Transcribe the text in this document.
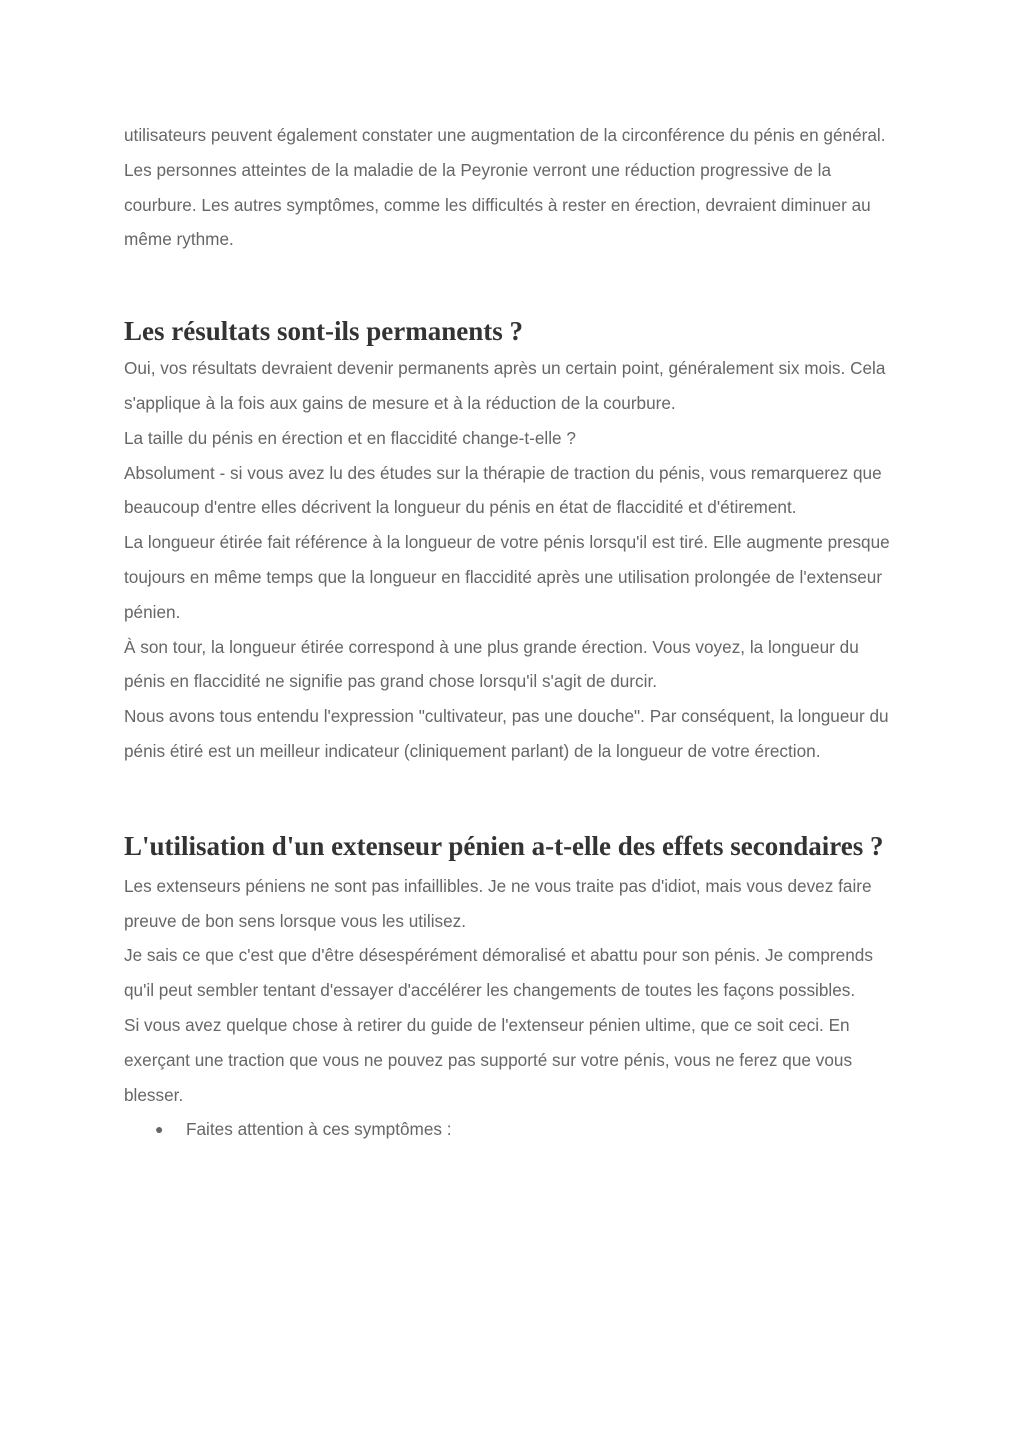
utilisateurs peuvent également constater une augmentation de la circonférence du pénis en général.

Les personnes atteintes de la maladie de la Peyronie verront une réduction progressive de la courbure. Les autres symptômes, comme les difficultés à rester en érection, devraient diminuer au même rythme.

Les résultats sont-ils permanents ?

Oui, vos résultats devraient devenir permanents après un certain point, généralement six mois. Cela s'applique à la fois aux gains de mesure et à la réduction de la courbure.

La taille du pénis en érection et en flaccidité change-t-elle ?

Absolument - si vous avez lu des études sur la thérapie de traction du pénis, vous remarquerez que beaucoup d'entre elles décrivent la longueur du pénis en état de flaccidité et d'étirement.

La longueur étirée fait référence à la longueur de votre pénis lorsqu'il est tiré. Elle augmente presque toujours en même temps que la longueur en flaccidité après une utilisation prolongée de l'extenseur pénien.

À son tour, la longueur étirée correspond à une plus grande érection. Vous voyez, la longueur du pénis en flaccidité ne signifie pas grand chose lorsqu'il s'agit de durcir.

Nous avons tous entendu l'expression "cultivateur, pas une douche". Par conséquent, la longueur du pénis étiré est un meilleur indicateur (cliniquement parlant) de la longueur de votre érection.

L'utilisation d'un extenseur pénien a-t-elle des effets secondaires ?

Les extenseurs péniens ne sont pas infaillibles. Je ne vous traite pas d'idiot, mais vous devez faire preuve de bon sens lorsque vous les utilisez.

Je sais ce que c'est que d'être désespérément démoralisé et abattu pour son pénis. Je comprends qu'il peut sembler tentant d'essayer d'accélérer les changements de toutes les façons possibles.

Si vous avez quelque chose à retirer du guide de l'extenseur pénien ultime, que ce soit ceci. En exerçant une traction que vous ne pouvez pas supporté sur votre pénis, vous ne ferez que vous blesser.

● Faites attention à ces symptômes :
